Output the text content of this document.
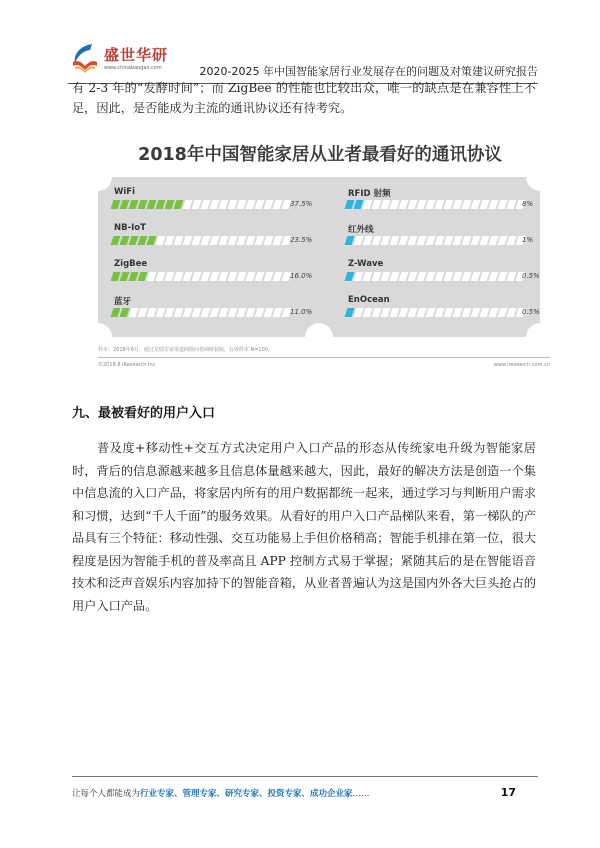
盛世华研
www.chinabaogao.com	2020-2025 年中国智能家居行业发展存在的问题及对策建议研究报告

有 2-3 年的“发酵时间”；而 ZigBee 的性能也比较出众，唯一的缺点是在兼容性上不足，因此，是否能成为主流的通讯协议还有待考究。

2018年中国智能家居从业者最看好的通讯协议
WiFi
37.5%
NB-IoT
23.5%
ZigBee
16.0%
蓝牙
11.0%
RFID 射频
8%
红外线
1%
Z-Wave
0.5%
EnOcean
0.5%
样本：2018年6月，通过艾瑞专家渠道网络问卷调研获取，有效样本 N=100。
©2018.8 iResearch Inc	www.iresearch.com.cn
九、最被看好的用户入口

普及度+移动性+交互方式决定用户入口产品的形态从传统家电升级为智能家居时，背后的信息源越来越多且信息体量越来越大，因此，最好的解决方法是创造一个集中信息流的入口产品，将家居内所有的用户数据都统一起来，通过学习与判断用户需求和习惯，达到“千人千面”的服务效果。从看好的用户入口产品梯队来看，第一梯队的产品具有三个特征：移动性强、交互功能易上手但价格稍高；智能手机排在第一位，很大程度是因为智能手机的普及率高且 APP 控制方式易于掌握；紧随其后的是在智能语音技术和泛声音娱乐内容加持下的智能音箱，从业者普遍认为这是国内外各大巨头抢占的用户入口产品。

让每个人都能成为行业专家、管理专家、研究专家、投资专家、成功企业家……	17
